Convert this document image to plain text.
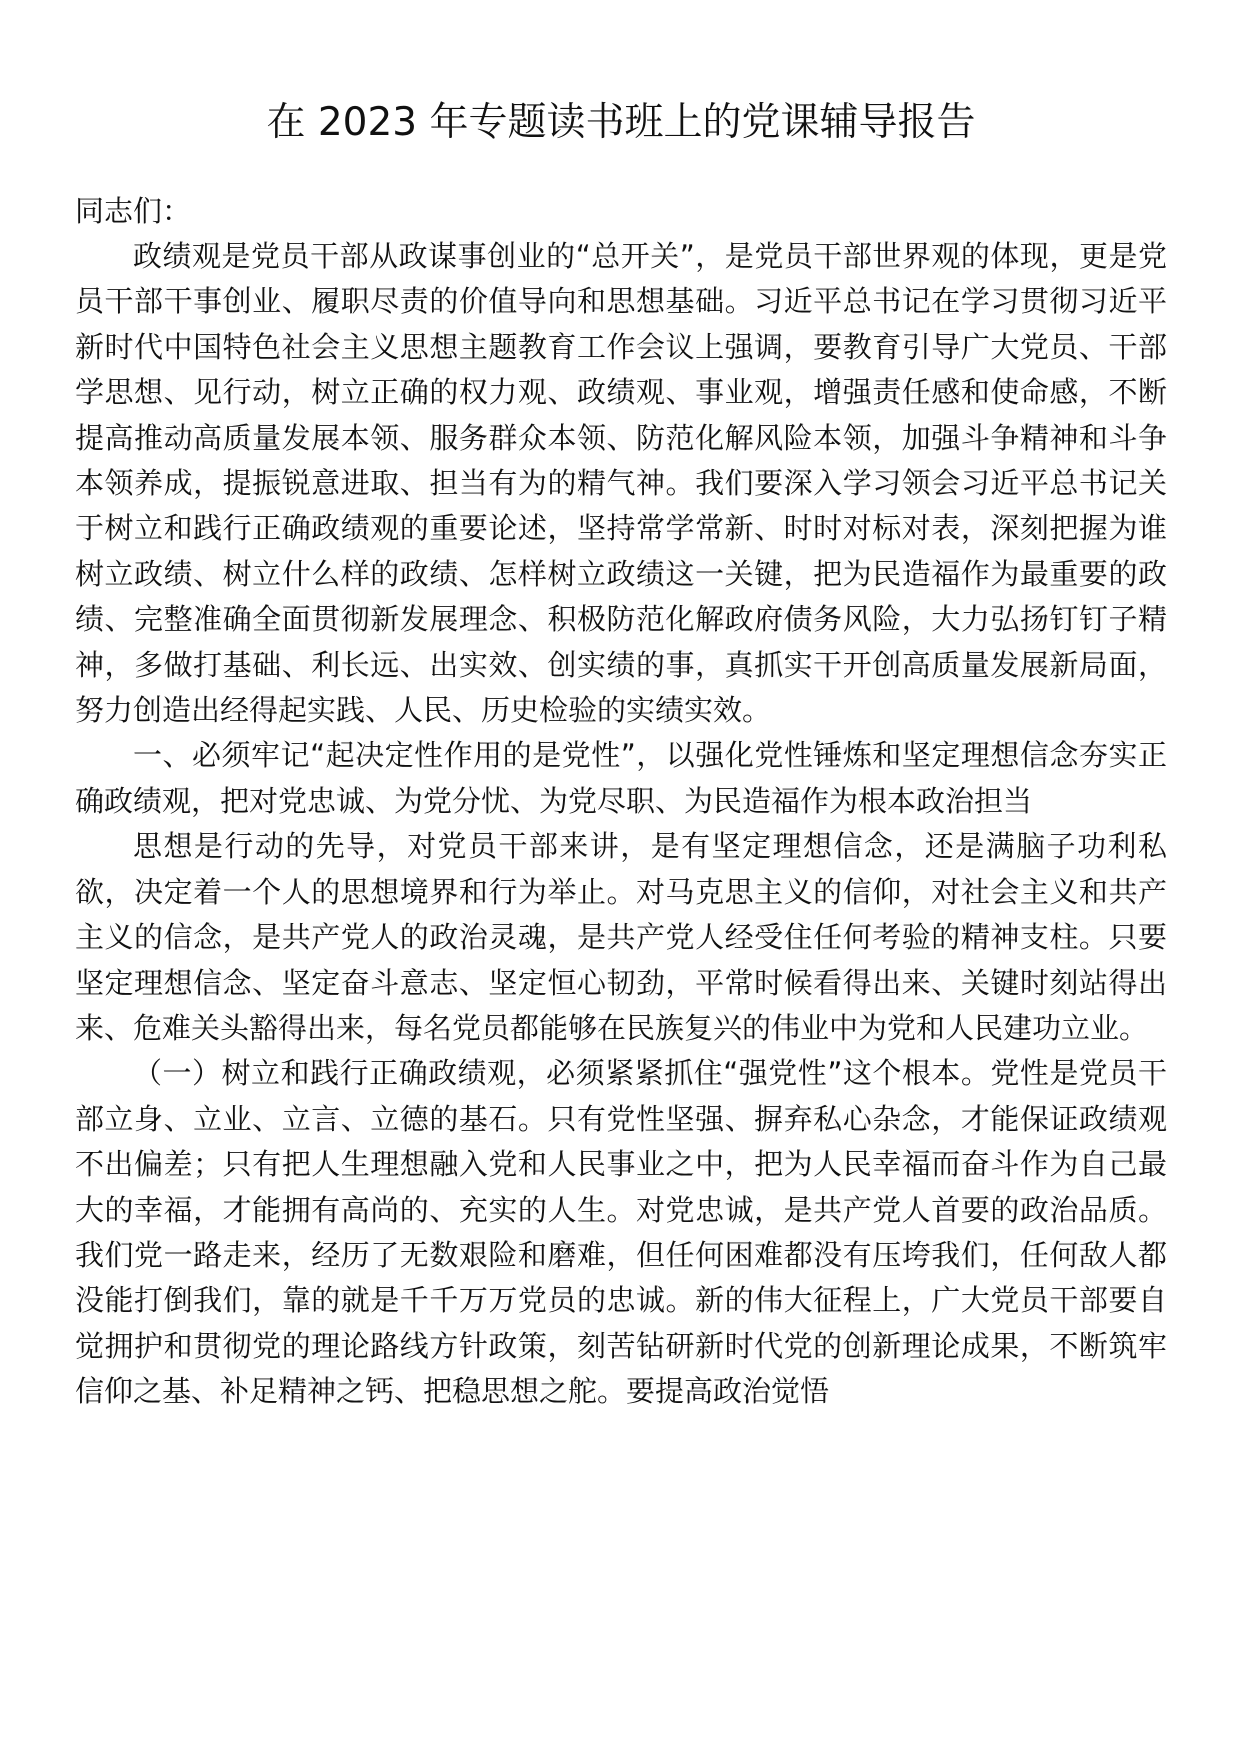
在 2023 年专题读书班上的党课辅导报告

同志们：

政绩观是党员干部从政谋事创业的“总开关”，是党员干部世界观的体现，更是党员干部干事创业、履职尽责的价值导向和思想基础。习近平总书记在学习贯彻习近平新时代中国特色社会主义思想主题教育工作会议上强调，要教育引导广大党员、干部学思想、见行动，树立正确的权力观、政绩观、事业观，增强责任感和使命感，不断提高推动高质量发展本领、服务群众本领、防范化解风险本领，加强斗争精神和斗争本领养成，提振锐意进取、担当有为的精气神。我们要深入学习领会习近平总书记关于树立和践行正确政绩观的重要论述，坚持常学常新、时时对标对表，深刻把握为谁树立政绩、树立什么样的政绩、怎样树立政绩这一关键，把为民造福作为最重要的政绩、完整准确全面贯彻新发展理念、积极防范化解政府债务风险，大力弘扬钉钉子精神，多做打基础、利长远、出实效、创实绩的事，真抓实干开创高质量发展新局面，努力创造出经得起实践、人民、历史检验的实绩实效。

一、必须牢记“起决定性作用的是党性”，以强化党性锤炼和坚定理想信念夯实正确政绩观，把对党忠诚、为党分忧、为党尽职、为民造福作为根本政治担当

思想是行动的先导，对党员干部来讲，是有坚定理想信念，还是满脑子功利私欲，决定着一个人的思想境界和行为举止。对马克思主义的信仰，对社会主义和共产主义的信念，是共产党人的政治灵魂，是共产党人经受住任何考验的精神支柱。只要坚定理想信念、坚定奋斗意志、坚定恒心韧劲，平常时候看得出来、关键时刻站得出来、危难关头豁得出来，每名党员都能够在民族复兴的伟业中为党和人民建功立业。

（一）树立和践行正确政绩观，必须紧紧抓住“强党性”这个根本。党性是党员干部立身、立业、立言、立德的基石。只有党性坚强、摒弃私心杂念，才能保证政绩观不出偏差；只有把人生理想融入党和人民事业之中，把为人民幸福而奋斗作为自己最大的幸福，才能拥有高尚的、充实的人生。对党忠诚，是共产党人首要的政治品质。我们党一路走来，经历了无数艰险和磨难，但任何困难都没有压垮我们，任何敌人都没能打倒我们，靠的就是千千万万党员的忠诚。新的伟大征程上，广大党员干部要自觉拥护和贯彻党的理论路线方针政策，刻苦钻研新时代党的创新理论成果，不断筑牢信仰之基、补足精神之钙、把稳思想之舵。要提高政治觉悟
